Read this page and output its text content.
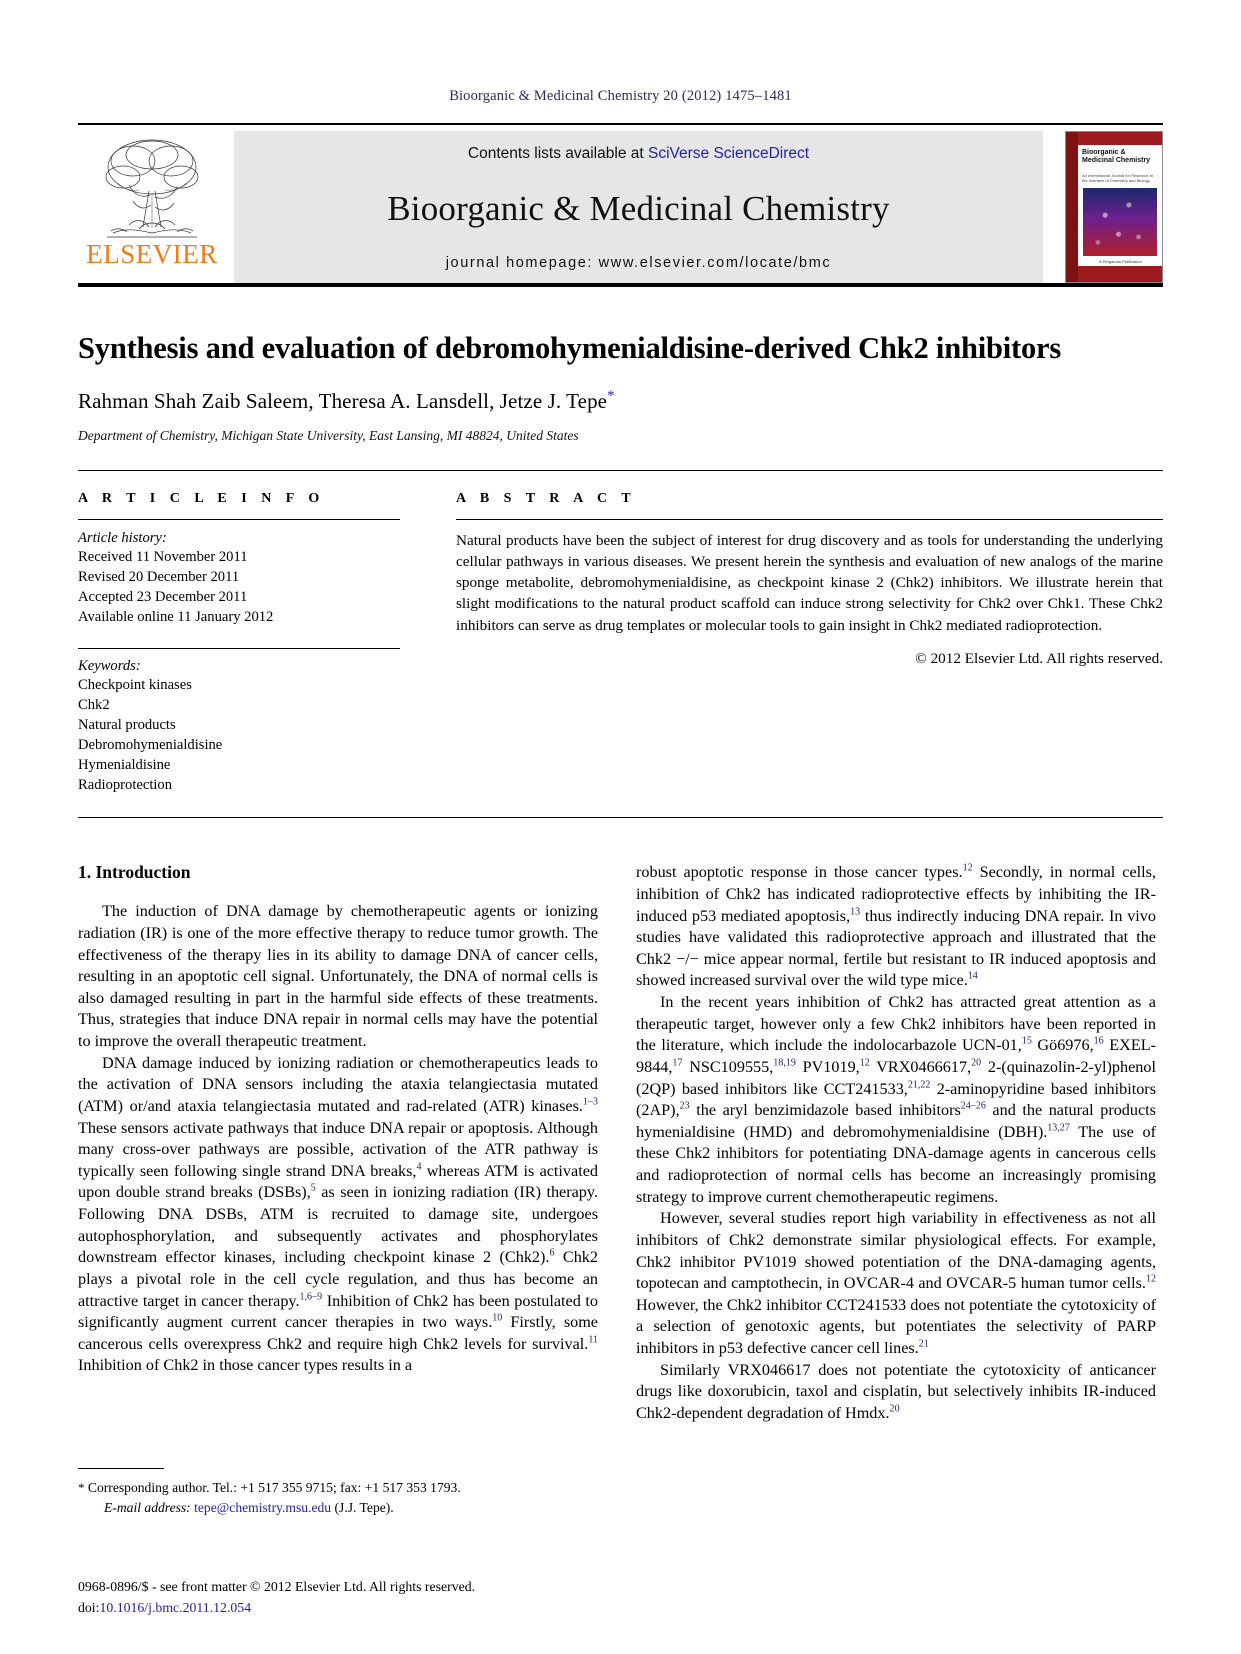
Bioorganic & Medicinal Chemistry 20 (2012) 1475–1481
ELSEVIER
Contents lists available at SciVerse ScienceDirect
Bioorganic & Medicinal Chemistry
journal homepage: www.elsevier.com/locate/bmc
Bioorganic & Medicinal Chemistry
An International Journal for Research at the Interface of Chemistry and Biology
A Pergamon Publication
Synthesis and evaluation of debromohymenialdisine-derived Chk2 inhibitors

Rahman Shah Zaib Saleem, Theresa A. Lansdell, Jetze J. Tepe*

Department of Chemistry, Michigan State University, East Lansing, MI 48824, United States

A R T I C L E I N F O

Article history:

Received 11 November 2011

Revised 20 December 2011

Accepted 23 December 2011

Available online 11 January 2012

Keywords:

Checkpoint kinases

Chk2

Natural products

Debromohymenialdisine

Hymenialdisine

Radioprotection

A B S T R A C T

Natural products have been the subject of interest for drug discovery and as tools for understanding the underlying cellular pathways in various diseases. We present herein the synthesis and evaluation of new analogs of the marine sponge metabolite, debromohymenialdisine, as checkpoint kinase 2 (Chk2) inhibitors. We illustrate herein that slight modifications to the natural product scaffold can induce strong selectivity for Chk2 over Chk1. These Chk2 inhibitors can serve as drug templates or molecular tools to gain insight in Chk2 mediated radioprotection.

© 2012 Elsevier Ltd. All rights reserved.

1. Introduction

The induction of DNA damage by chemotherapeutic agents or ionizing radiation (IR) is one of the more effective therapy to reduce tumor growth. The effectiveness of the therapy lies in its ability to damage DNA of cancer cells, resulting in an apoptotic cell signal. Unfortunately, the DNA of normal cells is also damaged resulting in part in the harmful side effects of these treatments. Thus, strategies that induce DNA repair in normal cells may have the potential to improve the overall therapeutic treatment.

DNA damage induced by ionizing radiation or chemotherapeutics leads to the activation of DNA sensors including the ataxia telangiectasia mutated (ATM) or/and ataxia telangiectasia mutated and rad-related (ATR) kinases.$^{1-3}$ These sensors activate pathways that induce DNA repair or apoptosis. Although many cross-over pathways are possible, activation of the ATR pathway is typically seen following single strand DNA breaks,$^4$ whereas ATM is activated upon double strand breaks (DSBs),$^5$ as seen in ionizing radiation (IR) therapy. Following DNA DSBs, ATM is recruited to damage site, undergoes autophosphorylation, and subsequently activates and phosphorylates downstream effector kinases, including checkpoint kinase 2 (Chk2).$^6$ Chk2 plays a pivotal role in the cell cycle regulation, and thus has become an attractive target in cancer therapy.$^{1,6-9}$ Inhibition of Chk2 has been postulated to significantly augment current cancer therapies in two ways.$^{10}$ Firstly, some cancerous cells overexpress Chk2 and require high Chk2 levels for survival.$^{11}$ Inhibition of Chk2 in those cancer types results in a

robust apoptotic response in those cancer types.$^{12}$ Secondly, in normal cells, inhibition of Chk2 has indicated radioprotective effects by inhibiting the IR-induced p53 mediated apoptosis,$^{13}$ thus indirectly inducing DNA repair. In vivo studies have validated this radioprotective approach and illustrated that the Chk2 −/− mice appear normal, fertile but resistant to IR induced apoptosis and showed increased survival over the wild type mice.$^{14}$

In the recent years inhibition of Chk2 has attracted great attention as a therapeutic target, however only a few Chk2 inhibitors have been reported in the literature, which include the indolocarbazole UCN-01,15 Gö6976,16 EXEL-9844,17 NSC109555,$^{18,19}$ PV1019,12 VRX0466617,20 2-(quinazolin-2-yl)phenol (2QP) based inhibitors like CCT241533,$^{21,22}$ 2-aminopyridine based inhibitors (2AP),$^{23}$ the aryl benzimidazole based inhibitors$^{24-26}$ and the natural products hymenialdisine (HMD) and debromohymenialdisine (DBH).$^{13,27}$ The use of these Chk2 inhibitors for potentiating DNA-damage agents in cancerous cells and radioprotection of normal cells has become an increasingly promising strategy to improve current chemotherapeutic regimens.

However, several studies report high variability in effectiveness as not all inhibitors of Chk2 demonstrate similar physiological effects. For example, Chk2 inhibitor PV1019 showed potentiation of the DNA-damaging agents, topotecan and camptothecin, in OVCAR-4 and OVCAR-5 human tumor cells.$^{12}$ However, the Chk2 inhibitor CCT241533 does not potentiate the cytotoxicity of a selection of genotoxic agents, but potentiates the selectivity of PARP inhibitors in p53 defective cancer cell lines.$^{21}$

Similarly VRX046617 does not potentiate the cytotoxicity of anticancer drugs like doxorubicin, taxol and cisplatin, but selectively inhibits IR-induced Chk2-dependent degradation of Hmdx.$^{20}$

* Corresponding author. Tel.: +1 517 355 9715; fax: +1 517 353 1793.

E-mail address: tepe@chemistry.msu.edu (J.J. Tepe).

0968-0896/$ - see front matter © 2012 Elsevier Ltd. All rights reserved.
doi:10.1016/j.bmc.2011.12.054
